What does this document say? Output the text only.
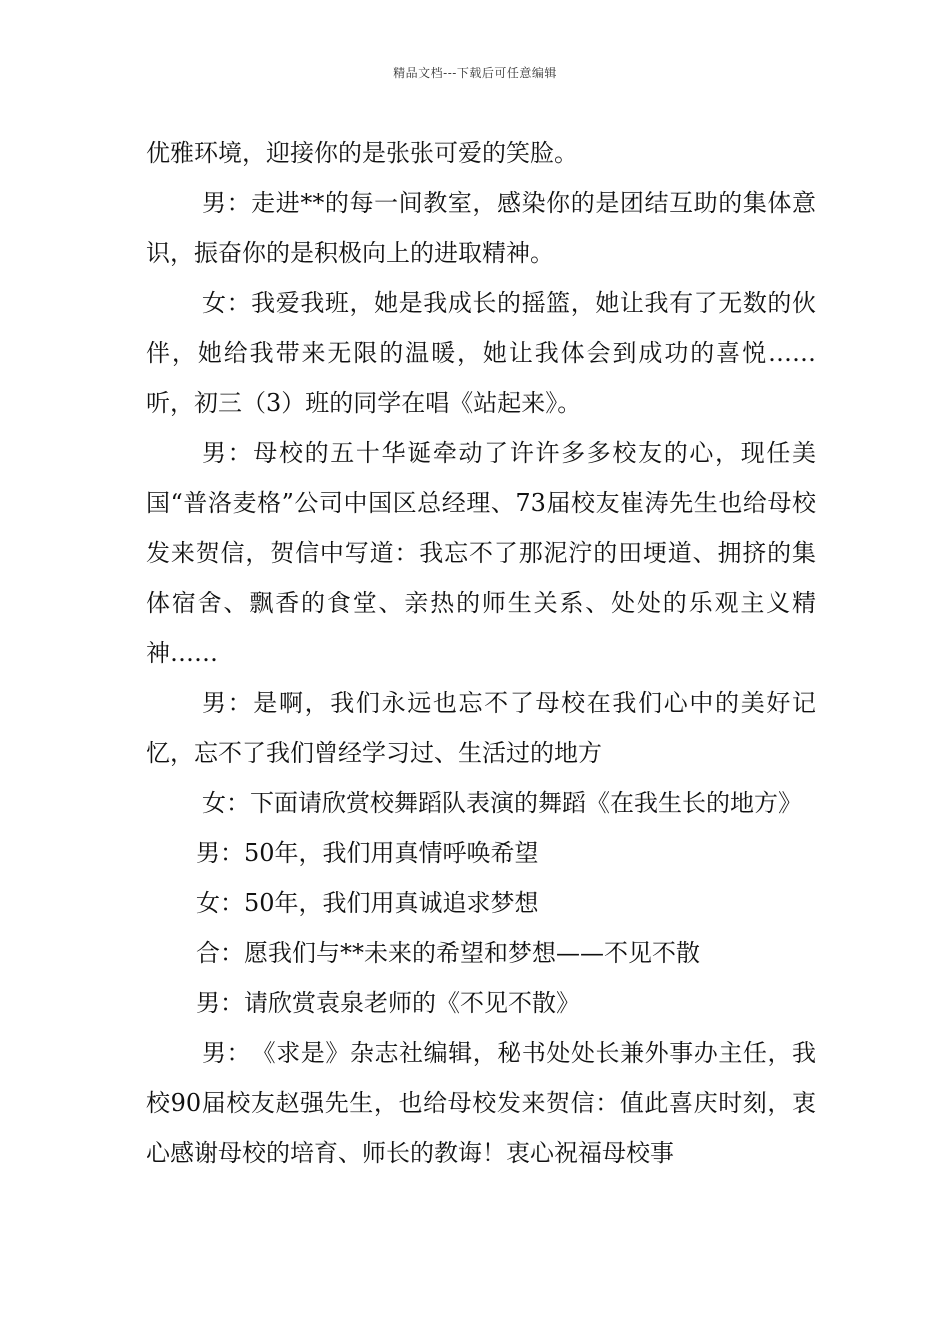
精品文档---下载后可任意编辑

优雅环境，迎接你的是张张可爱的笑脸。

男：走进**的每一间教室，感染你的是团结互助的集体意识，振奋你的是积极向上的进取精神。

女：我爱我班，她是我成长的摇篮，她让我有了无数的伙伴，她给我带来无限的温暖，她让我体会到成功的喜悦……听，初三（3）班的同学在唱《站起来》。

男：母校的五十华诞牵动了许许多多校友的心，现任美国“普洛麦格”公司中国区总经理、73届校友崔涛先生也给母校发来贺信，贺信中写道：我忘不了那泥泞的田埂道、拥挤的集体宿舍、飘香的食堂、亲热的师生关系、处处的乐观主义精神……

男：是啊，我们永远也忘不了母校在我们心中的美好记忆，忘不了我们曾经学习过、生活过的地方

女：下面请欣赏校舞蹈队表演的舞蹈《在我生长的地方》

男：50年，我们用真情呼唤希望

女：50年，我们用真诚追求梦想

合：愿我们与**未来的希望和梦想——不见不散

男：请欣赏袁泉老师的《不见不散》

男：　《求是》杂志社编辑，秘书处处长兼外事办主任，我校90届校友赵强先生，也给母校发来贺信：值此喜庆时刻，衷心感谢母校的培育、师长的教诲！衷心祝福母校事
